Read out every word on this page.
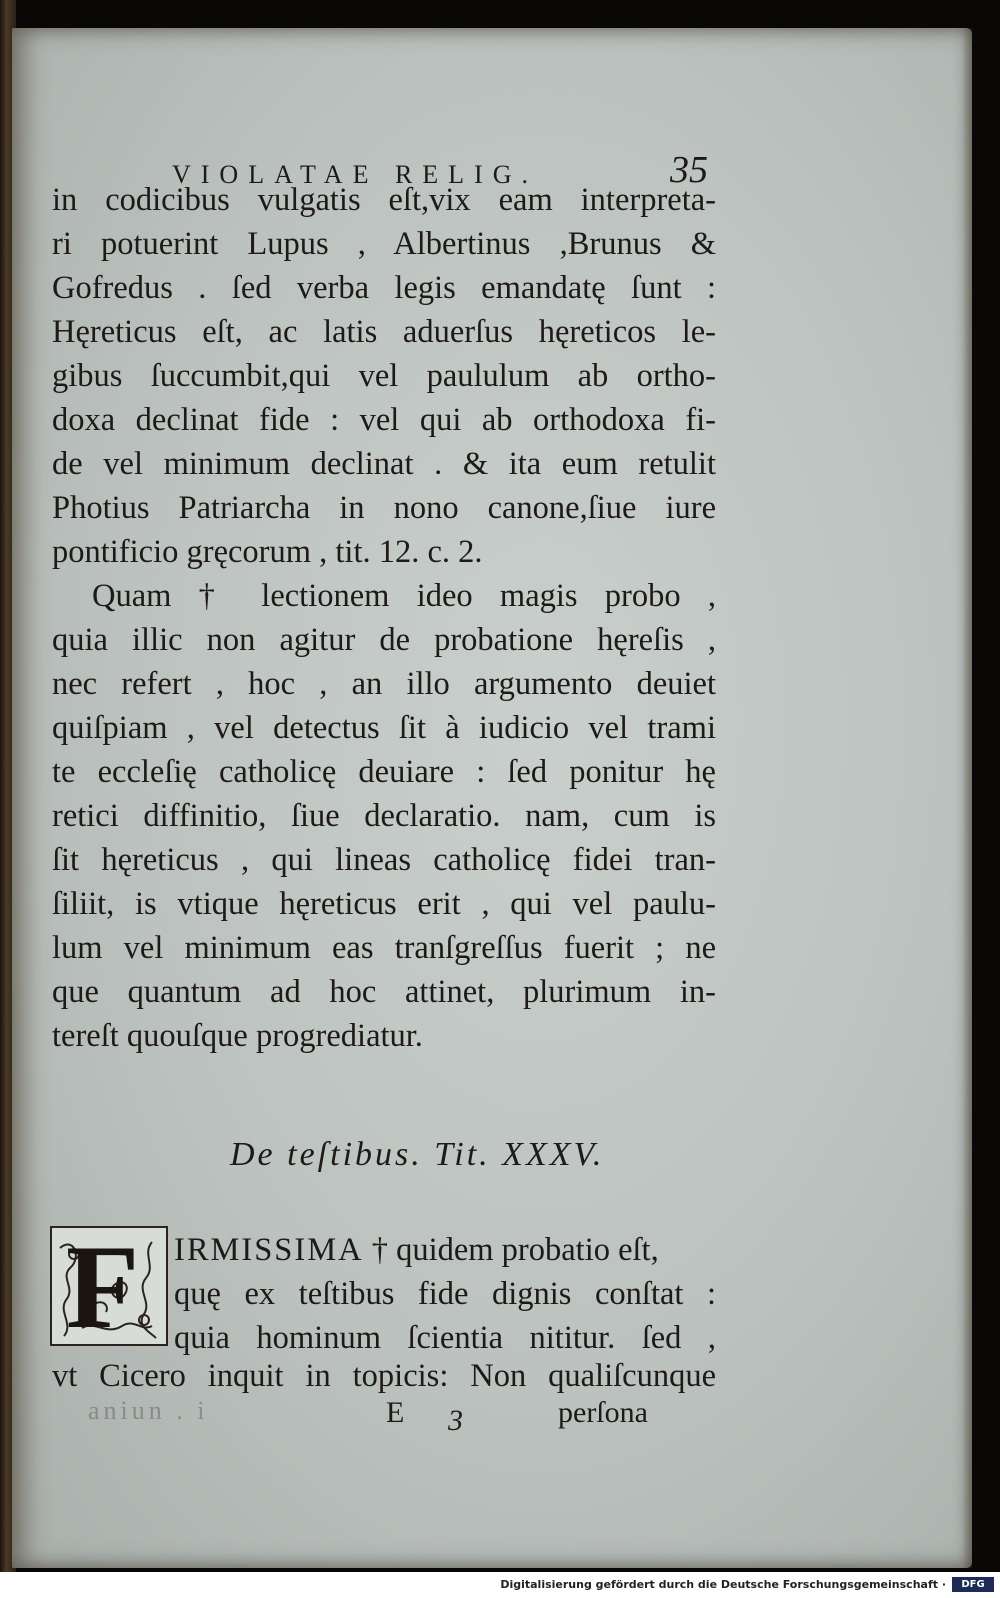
VIOLATAE RELIG.	35
in codicibus vulgatis eſt,vix eam interpreta-
ri potuerint Lupus , Albertinus ,Brunus &
Gofredus . ſed verba legis emandatę ſunt :
Hęreticus eſt, ac latis aduerſus hęreticos le-
gibus ſuccumbit,qui vel paululum ab ortho-
doxa declinat fide : vel qui ab orthodoxa fi-
de vel minimum declinat . & ita eum retulit
Photius Patriarcha in nono canone,ſiue iure
pontificio gręcorum , tit. 12. c. 2.
Quam † lectionem ideo magis probo ,
quia illic non agitur de probatione hęreſis ,
nec refert , hoc , an illo argumento deuiet
quiſpiam , vel detectus ſit à iudicio vel trami
te eccleſię catholicę deuiare : ſed ponitur hę
retici diffinitio, ſiue declaratio. nam, cum is
ſit hęreticus , qui lineas catholicę fidei tran-
ſiliit, is vtique hęreticus erit , qui vel paulu-
lum vel minimum eas tranſgreſſus fuerit ; ne
que quantum ad hoc attinet, plurimum in-
tereſt quouſque progrediatur.
De teſtibus. Tit. XXXV.
F IRMISSIMA † quidem probatio eſt,
quę ex teſtibus fide dignis conſtat :
quia hominum ſcientia nititur. ſed ,
vt Cicero inquit in topicis: Non qualiſcunque
aniun . i	E 3	perſona
Digitalisierung gefördert durch die Deutsche Forschungsgemeinschaft ·	DFG
